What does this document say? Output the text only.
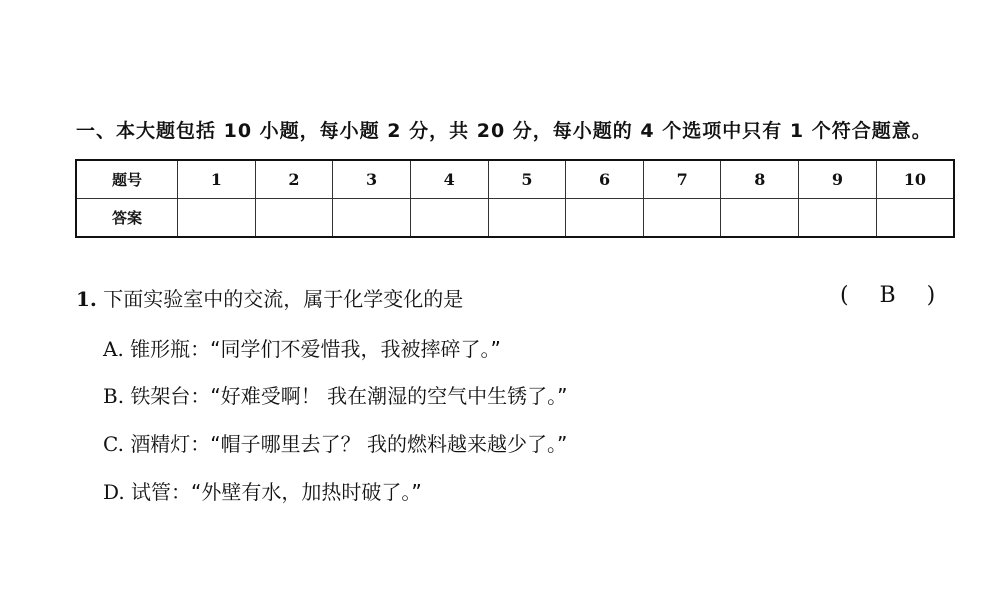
一、本大题包括 10 小题，每小题 2 分，共 20 分，每小题的 4 个选项中只有 1 个符合题意。
题号	1	2	3	4	5	6	7	8	9	10
答案										
1. 下面实验室中的交流，属于化学变化的是	( B )
A. 锥形瓶：“同学们不爱惜我，我被摔碎了。”
B. 铁架台：“好难受啊！ 我在潮湿的空气中生锈了。”
C. 酒精灯：“帽子哪里去了？ 我的燃料越来越少了。”
D. 试管：“外壁有水，加热时破了。”
